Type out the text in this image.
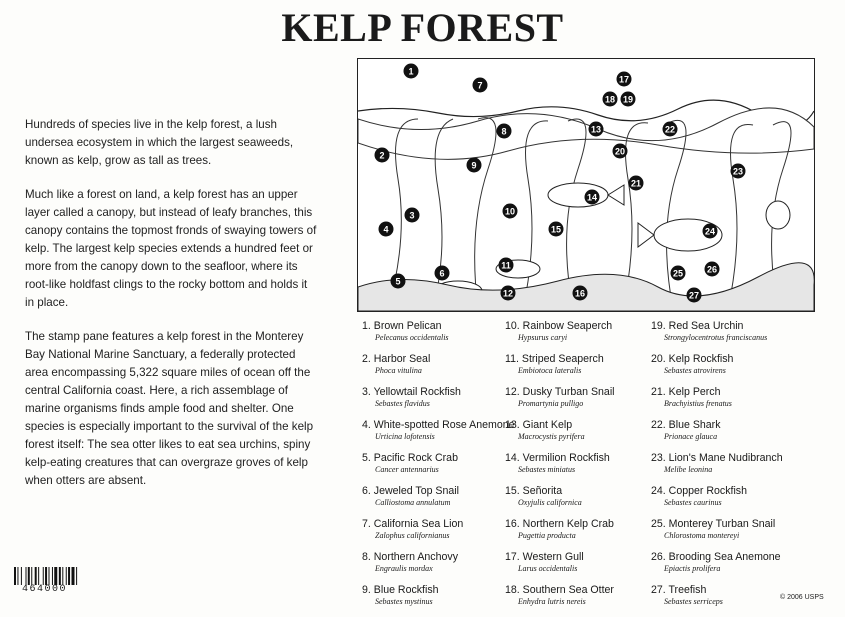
KELP FOREST

Hundreds of species live in the kelp forest, a lush undersea ecosystem in which the largest seaweeds, known as kelp, grow as tall as trees.

Much like a forest on land, a kelp forest has an upper layer called a canopy, but instead of leafy branches, this canopy contains the topmost fronds of swaying towers of kelp. The largest kelp species extends a hundred feet or more from the canopy down to the seafloor, where its root-like holdfast clings to the rocky bottom and holds it in place.

The stamp pane features a kelp forest in the Monterey Bay National Marine Sanctuary, a federally protected area encompassing 5,322 square miles of ocean off the central California coast. Here, a rich assemblage of marine organisms finds ample food and shelter. One species is especially important to the survival of the kelp forest itself: The sea otter likes to eat sea urchins, spiny kelp-eating creatures that can overgraze groves of kelp when otters are absent.

464000
1
2
3
4
5
6
7
8
9
10
11
12
13
14
15
16
17
18 19
20
21
22
23
24
25	26
27
1. Brown Pelican
Pelecanus occidentalis
2. Harbor Seal
Phoca vitulina
3. Yellowtail Rockfish
Sebastes flavidus
4. White-spotted Rose Anemone
Urticina lofotensis
5. Pacific Rock Crab
Cancer antennarius
6. Jeweled Top Snail
Calliostoma annulatum
7. California Sea Lion
Zalophus californianus
8. Northern Anchovy
Engraulis mordax
9. Blue Rockfish
Sebastes mystinus
10. Rainbow Seaperch
Hypsurus caryi
11. Striped Seaperch
Embiotoca lateralis
12. Dusky Turban Snail
Promartynia pulligo
13. Giant Kelp
Macrocystis pyrifera
14. Vermilion Rockfish
Sebastes miniatus
15. Señorita
Oxyjulis californica
16. Northern Kelp Crab
Pugettia producta
17. Western Gull
Larus occidentalis
18. Southern Sea Otter
Enhydra lutris nereis
19. Red Sea Urchin
Strongylocentrotus franciscanus
20. Kelp Rockfish
Sebastes atrovirens
21. Kelp Perch
Brachyistius frenatus
22. Blue Shark
Prionace glauca
23. Lion's Mane Nudibranch
Melibe leonina
24. Copper Rockfish
Sebastes caurinus
25. Monterey Turban Snail
Chlorostoma montereyi
26. Brooding Sea Anemone
Epiactis prolifera
27. Treefish
Sebastes serriceps	© 2006 USPS
